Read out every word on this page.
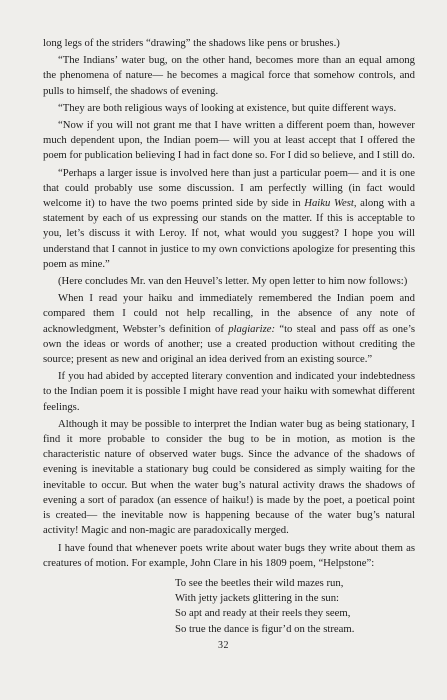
long legs of the striders “drawing” the shadows like pens or brushes.)

“The Indians’ water bug, on the other hand, becomes more than an equal among the phenomena of nature— he becomes a magical force that somehow controls, and pulls to himself, the shadows of evening.

“They are both religious ways of looking at existence, but quite different ways.

“Now if you will not grant me that I have written a different poem than, however much dependent upon, the Indian poem— will you at least accept that I offered the poem for publication believing I had in fact done so. For I did so believe, and I still do.

“Perhaps a larger issue is involved here than just a particular poem— and it is one that could probably use some discussion. I am perfectly willing (in fact would welcome it) to have the two poems printed side by side in Haiku West, along with a statement by each of us expressing our stands on the matter. If this is acceptable to you, let’s discuss it with Leroy. If not, what would you suggest? I hope you will understand that I cannot in justice to my own convictions apologize for presenting this poem as mine.”

(Here concludes Mr. van den Heuvel’s letter. My open letter to him now follows:)

When I read your haiku and immediately remembered the Indian poem and compared them I could not help recalling, in the absence of any note of acknowledgment, Webster’s definition of plagiarize: “to steal and pass off as one’s own the ideas or words of another; use a created production without crediting the source; present as new and original an idea derived from an existing source.”

If you had abided by accepted literary convention and indicated your indebtedness to the Indian poem it is possible I might have read your haiku with somewhat different feelings.

Although it may be possible to interpret the Indian water bug as being stationary, I find it more probable to consider the bug to be in motion, as motion is the characteristic nature of observed water bugs. Since the advance of the shadows of evening is inevitable a stationary bug could be considered as simply waiting for the inevitable to occur. But when the water bug’s natural activity draws the shadows of evening a sort of paradox (an essence of haiku!) is made by the poet, a poetical point is created— the inevitable now is happening because of the water bug’s natural activity! Magic and non-magic are paradoxically merged.

I have found that whenever poets write about water bugs they write about them as creatures of motion. For example, John Clare in his 1809 poem, “Helpstone”:

To see the beetles their wild mazes run,
With jetty jackets glittering in the sun:
So apt and ready at their reels they seem,
So true the dance is figur’d on the stream.
32
